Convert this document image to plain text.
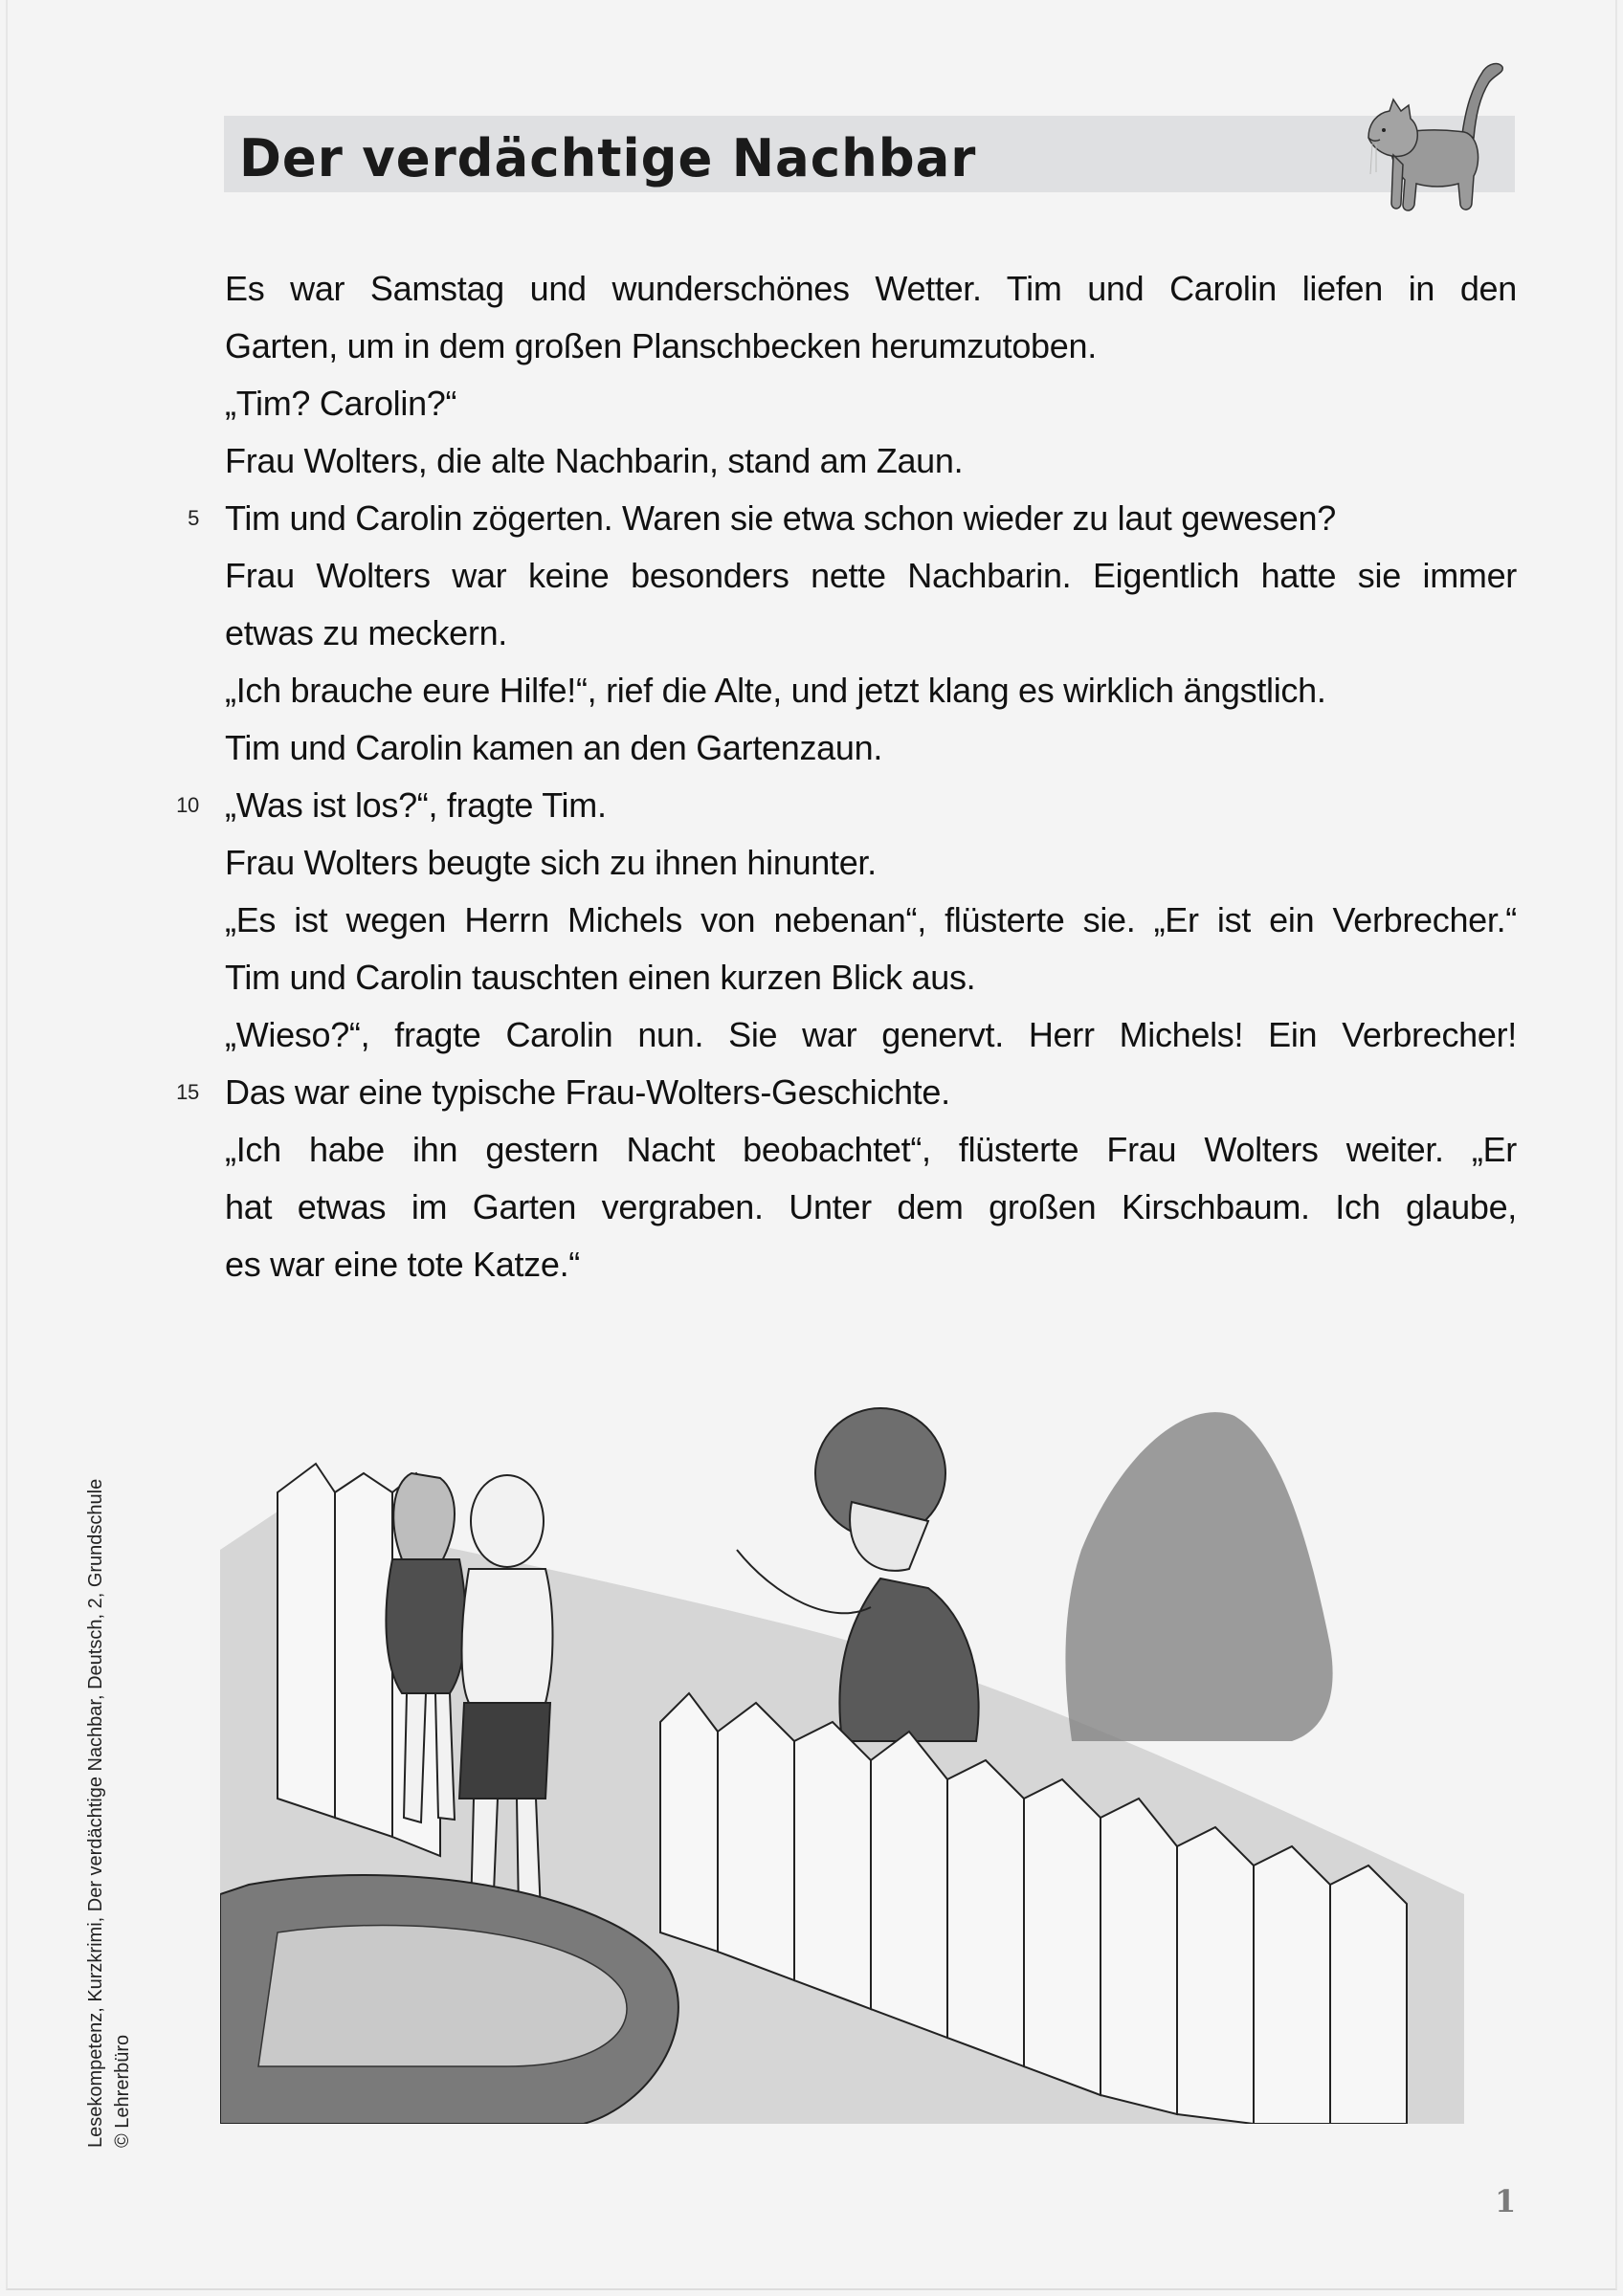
Der verdächtige Nachbar
Es war Samstag und wunderschönes Wetter. Tim und Carolin liefen in den
Garten, um in dem großen Planschbecken herumzutoben.
„Tim? Carolin?“
Frau Wolters, die alte Nachbarin, stand am Zaun.
5 Tim und Carolin zögerten. Waren sie etwa schon wieder zu laut gewesen?
Frau Wolters war keine besonders nette Nachbarin. Eigentlich hatte sie immer
etwas zu meckern.
„Ich brauche eure Hilfe!“, rief die Alte, und jetzt klang es wirklich ängstlich.
Tim und Carolin kamen an den Gartenzaun.
10 „Was ist los?“, fragte Tim.
Frau Wolters beugte sich zu ihnen hinunter.
„Es ist wegen Herrn Michels von nebenan“, flüsterte sie. „Er ist ein Verbrecher.“
Tim und Carolin tauschten einen kurzen Blick aus.
„Wieso?“, fragte Carolin nun. Sie war genervt. Herr Michels! Ein Verbrecher!
15 Das war eine typische Frau-Wolters-Geschichte.
„Ich habe ihn gestern Nacht beobachtet“, flüsterte Frau Wolters weiter. „Er
hat etwas im Garten vergraben. Unter dem großen Kirschbaum. Ich glaube,
es war eine tote Katze.“
Lesekompetenz, Kurzkrimi, Der verdächtige Nachbar, Deutsch, 2, Grundschule © Lehrerbüro
1
